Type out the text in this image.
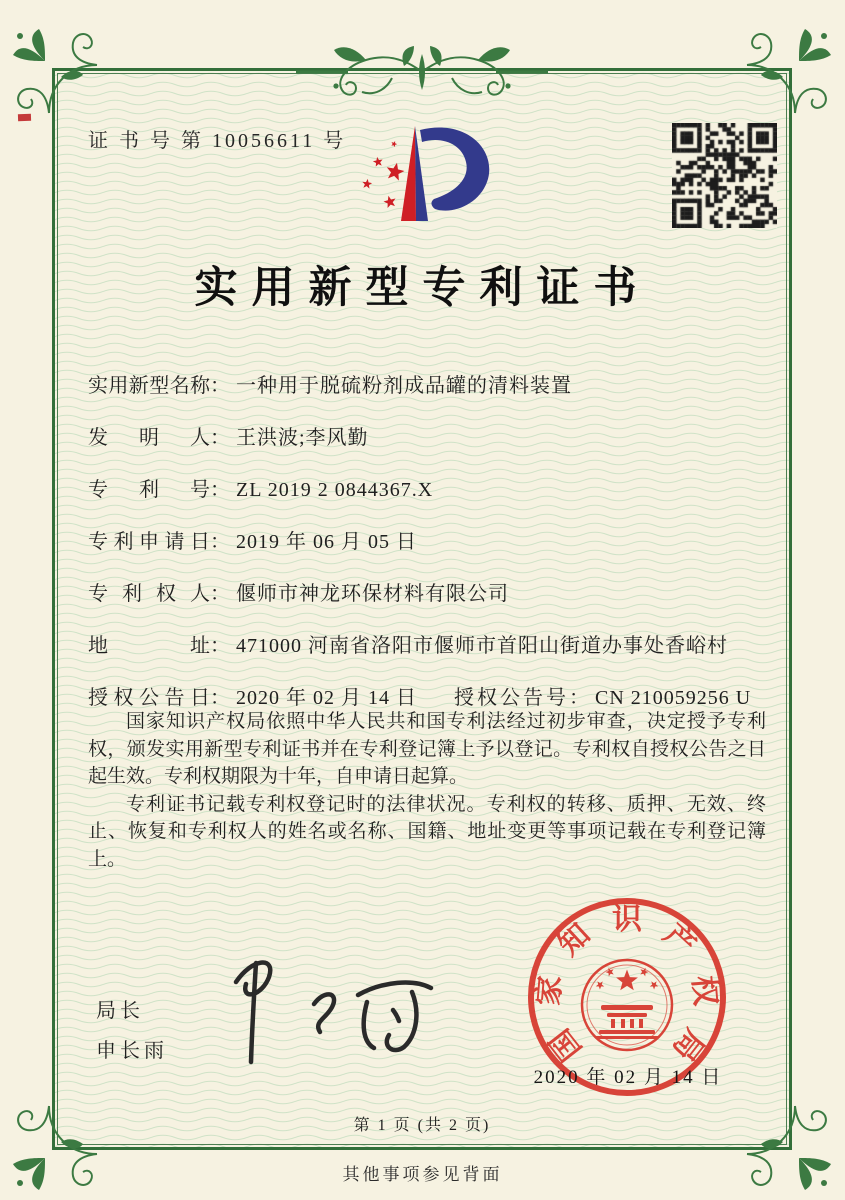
证 书 号 第 10056611 号
实用新型专利证书
实用新型名称： 一种用于脱硫粉剂成品罐的清料装置
发明人： 王洪波;李风勤
专利号： ZL 2019 2 0844367.X
专利申请日： 2019 年 06 月 05 日
专利权人： 偃师市神龙环保材料有限公司
地址： 471000 河南省洛阳市偃师市首阳山街道办事处香峪村
授权公告日： 2020 年 02 月 14 日 授权公告号： CN 210059256 U

国家知识产权局依照中华人民共和国专利法经过初步审查，决定授予专利权，颁发实用新型专利证书并在专利登记簿上予以登记。专利权自授权公告之日起生效。专利权期限为十年，自申请日起算。

专利证书记载专利权登记时的法律状况。专利权的转移、质押、无效、终止、恢复和专利权人的姓名或名称、国籍、地址变更等事项记载在专利登记簿上。

局长
申长雨	国
家
知 识 产
权
局
2020 年 02 月 14 日
第 1 页 (共 2 页)
其他事项参见背面
